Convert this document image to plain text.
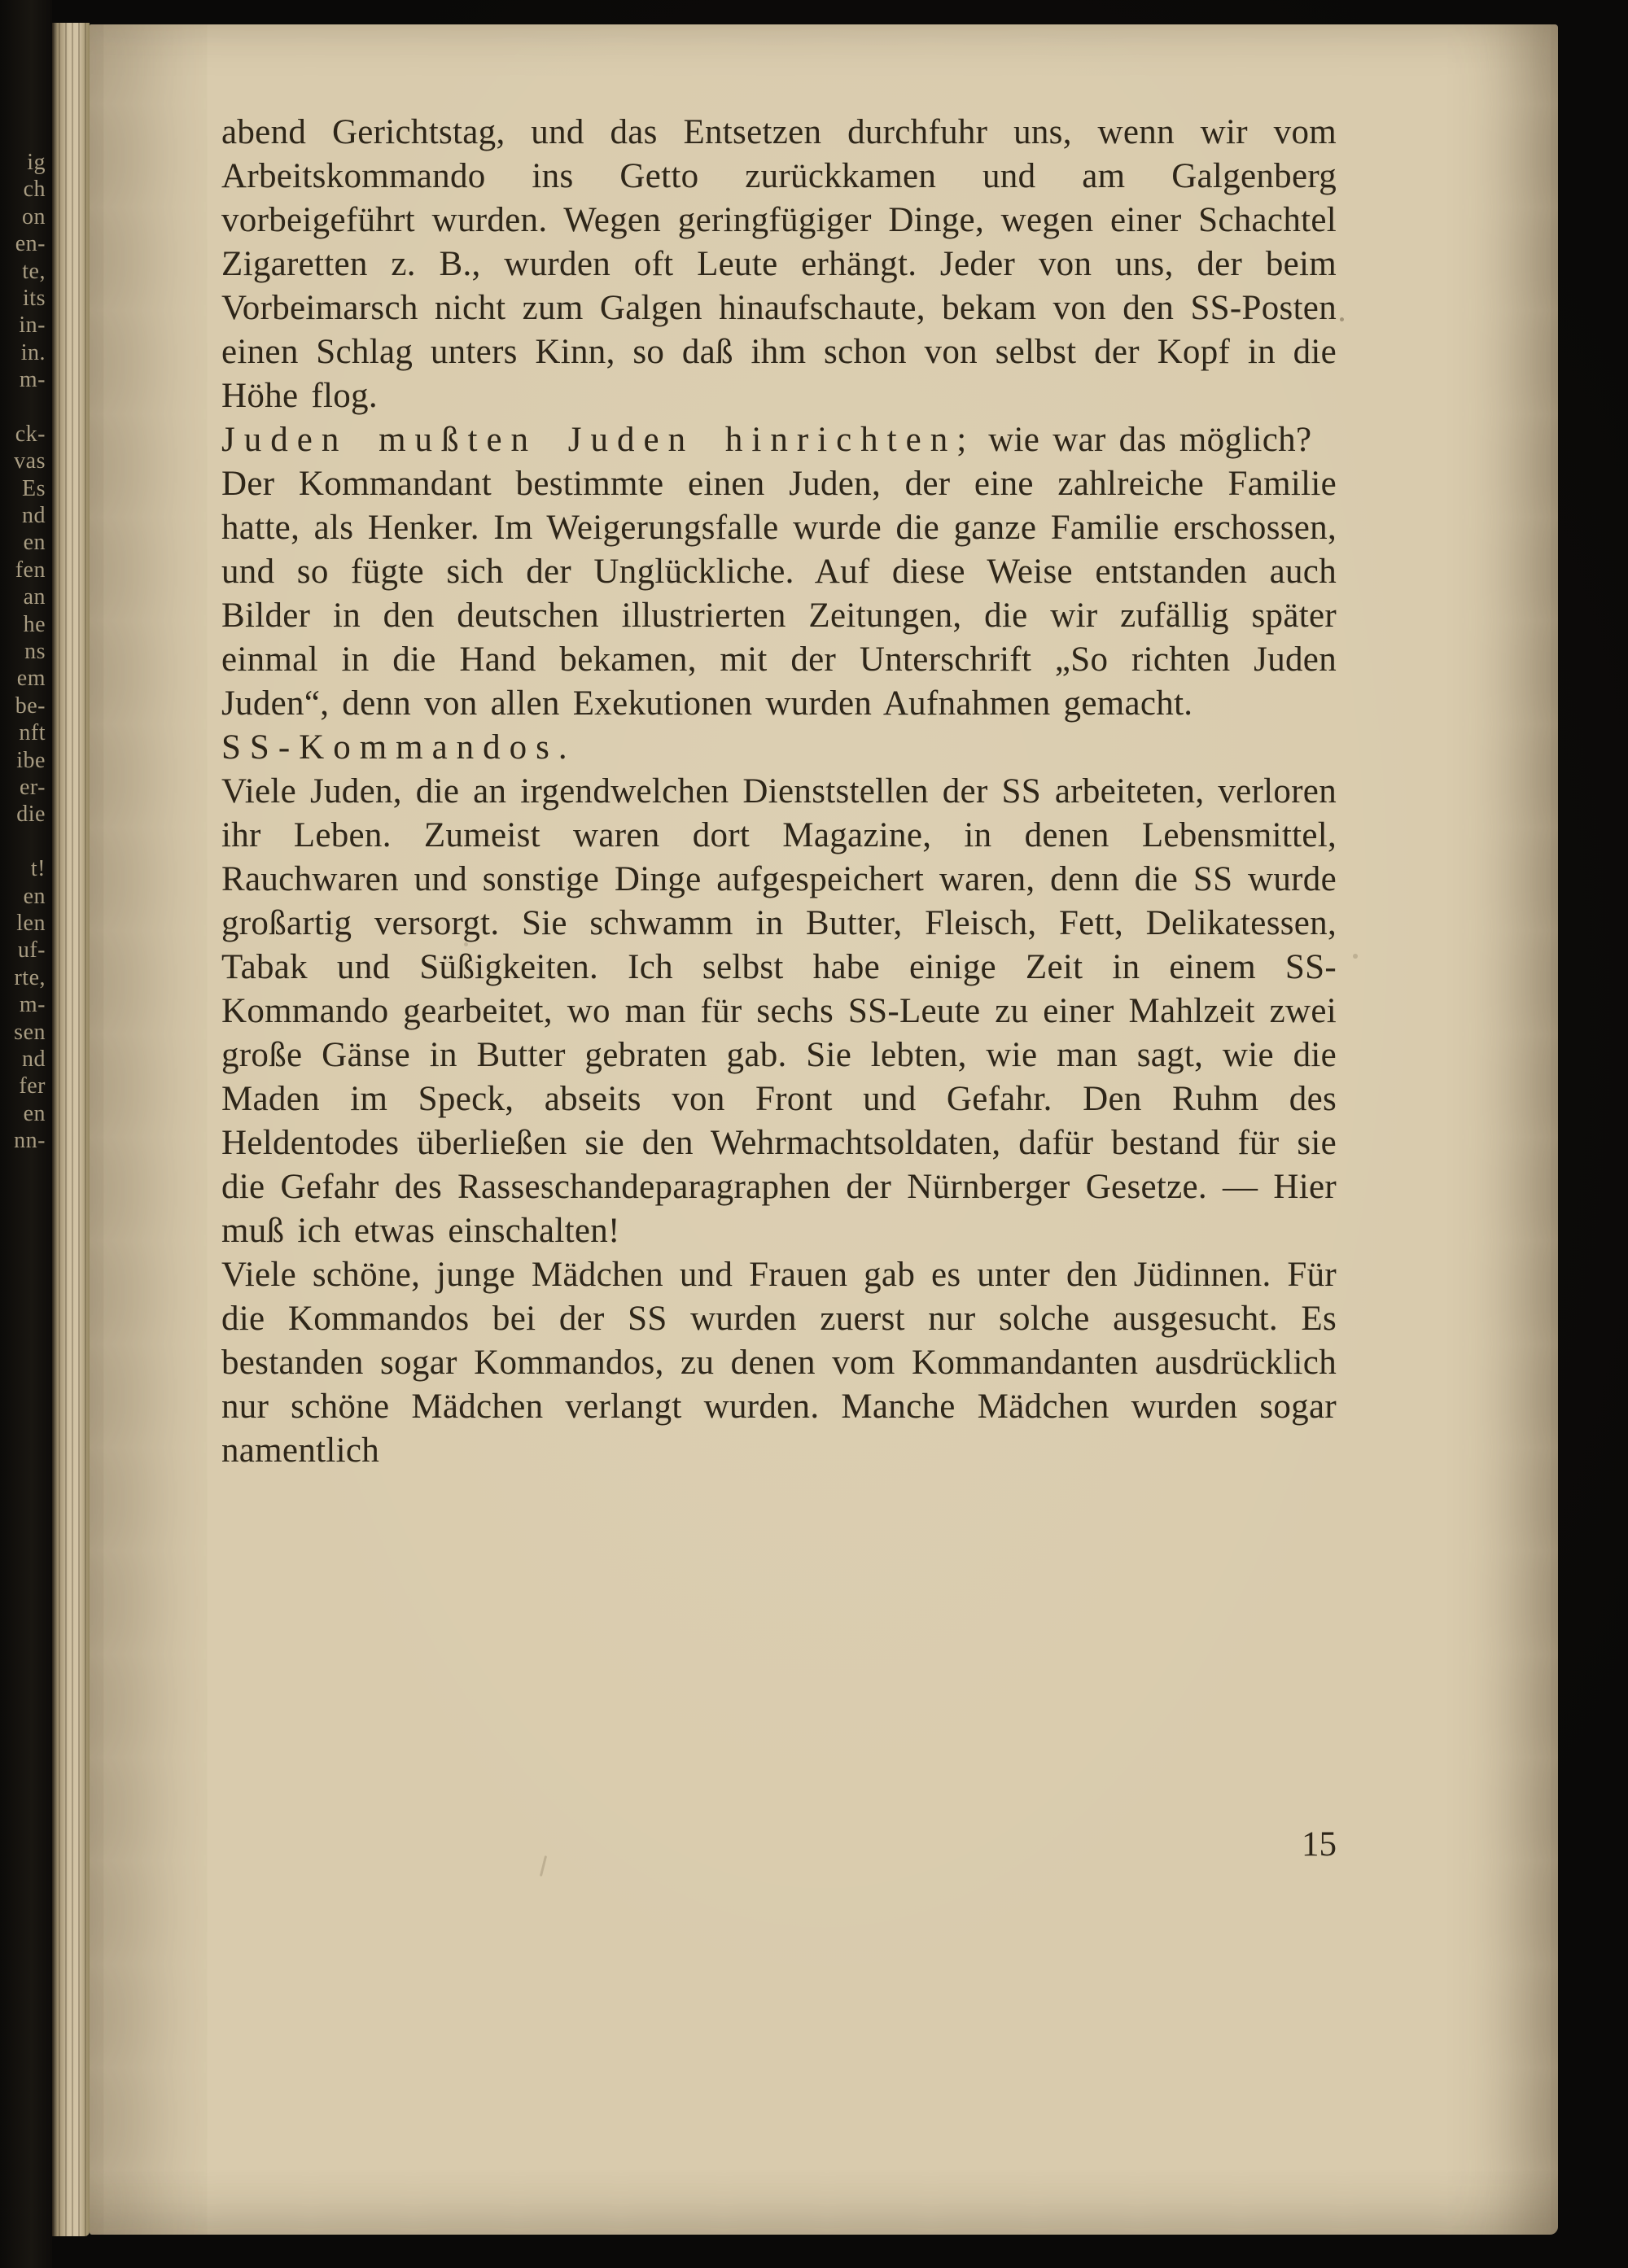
ig
ch
on
en-
te,
its
in-
in.
m-
ck-
vas
Es
nd
en
fen
an
he
ns
em
be-
nft
ibe
er-
die
t!
en
len
uf-
rte,
m-
sen
nd
fer
en
nn-

abend Gerichtstag, und das Entsetzen durchfuhr uns, wenn wir vom Arbeitskommando ins Getto zurückkamen und am Galgenberg vorbeigeführt wurden. Wegen geringfügiger Dinge, wegen einer Schachtel Zigaretten z. B., wurden oft Leute erhängt. Jeder von uns, der beim Vorbeimarsch nicht zum Galgen hinaufschaute, bekam von den SS-Posten einen Schlag unters Kinn, so daß ihm schon von selbst der Kopf in die Höhe flog.

Juden mußten Juden hinrichten; wie war das möglich?

Der Kommandant bestimmte einen Juden, der eine zahlreiche Familie hatte, als Henker. Im Weigerungsfalle wurde die ganze Familie erschossen, und so fügte sich der Unglückliche. Auf diese Weise entstanden auch Bilder in den deutschen illustrierten Zeitungen, die wir zufällig später einmal in die Hand bekamen, mit der Unterschrift „So richten Juden Juden“, denn von allen Exekutionen wurden Aufnahmen gemacht.

SS-Kommandos.

Viele Juden, die an irgendwelchen Dienststellen der SS arbeiteten, verloren ihr Leben. Zumeist waren dort Magazine, in denen Lebensmittel, Rauchwaren und sonstige Dinge aufgespeichert waren, denn die SS wurde großartig versorgt. Sie schwamm in Butter, Fleisch, Fett, Delikatessen, Tabak und Süßigkeiten. Ich selbst habe einige Zeit in einem SS-Kommando gearbeitet, wo man für sechs SS-Leute zu einer Mahlzeit zwei große Gänse in Butter gebraten gab. Sie lebten, wie man sagt, wie die Maden im Speck, abseits von Front und Gefahr. Den Ruhm des Heldentodes überließen sie den Wehrmachtsoldaten, dafür bestand für sie die Gefahr des Rasseschandeparagraphen der Nürnberger Gesetze. — Hier muß ich etwas einschalten!

Viele schöne, junge Mädchen und Frauen gab es unter den Jüdinnen. Für die Kommandos bei der SS wurden zuerst nur solche ausgesucht. Es bestanden sogar Kommandos, zu denen vom Kommandanten ausdrücklich nur schöne Mädchen verlangt wurden. Manche Mädchen wurden sogar namentlich

15
